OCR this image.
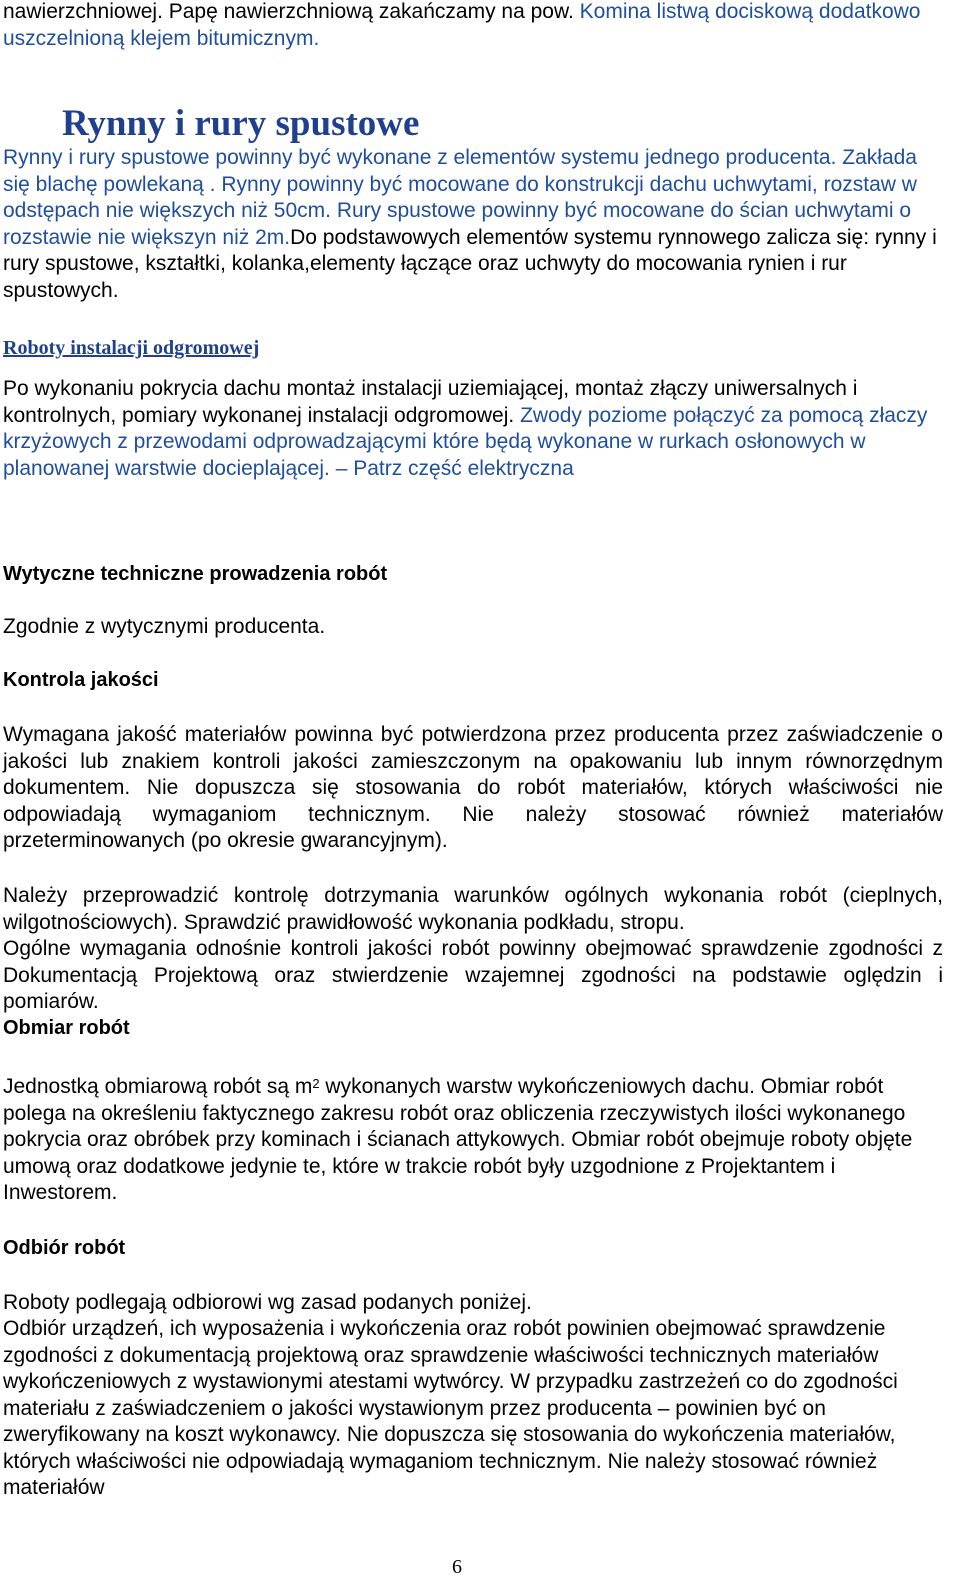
nawierzchniowej. Papę nawierzchniową zakańczamy na pow. Komina listwą dociskową dodatkowo uszczelnioną klejem bitumicznym.

Rynny i rury spustowe

Rynny i rury spustowe powinny być wykonane z elementów systemu jednego producenta. Zakłada się blachę powlekaną . Rynny powinny być mocowane do konstrukcji dachu uchwytami, rozstaw w odstępach nie większych niż 50cm. Rury spustowe powinny być mocowane do ścian uchwytami o rozstawie nie większyn niż 2m.Do podstawowych elementów systemu rynnowego zalicza się: rynny i rury spustowe, kształtki, kolanka,elementy łączące oraz uchwyty do mocowania rynien i rur spustowych.

Roboty instalacji odgromowej

Po wykonaniu pokrycia dachu montaż instalacji uziemiającej, montaż złączy uniwersalnych i kontrolnych, pomiary wykonanej instalacji odgromowej. Zwody poziome połączyć za pomocą złaczy krzyżowych z przewodami odprowadzającymi które będą wykonane w rurkach osłonowych w planowanej warstwie docieplającej. – Patrz część elektryczna

Wytyczne techniczne prowadzenia robót

Zgodnie z wytycznymi producenta.

Kontrola jakości

Wymagana jakość materiałów powinna być potwierdzona przez producenta przez zaświadczenie o jakości lub znakiem kontroli jakości zamieszczonym na opakowaniu lub innym równorzędnym dokumentem. Nie dopuszcza się stosowania do robót materiałów, których właściwości nie odpowiadają wymaganiom technicznym. Nie należy stosować również materiałów przeterminowanych (po okresie gwarancyjnym).

Należy przeprowadzić kontrolę dotrzymania warunków ogólnych wykonania robót (cieplnych, wilgotnościowych). Sprawdzić prawidłowość wykonania podkładu, stropu.

Ogólne wymagania odnośnie kontroli jakości robót powinny obejmować sprawdzenie zgodności z Dokumentacją Projektową oraz stwierdzenie wzajemnej zgodności na podstawie oględzin i pomiarów.

Obmiar robót

Jednostką obmiarową robót są $m^2$ wykonanych warstw wykończeniowych dachu. Obmiar robót polega na określeniu faktycznego zakresu robót oraz obliczenia rzeczywistych ilości wykonanego pokrycia oraz obróbek przy kominach i ścianach attykowych. Obmiar robót obejmuje roboty objęte umową oraz dodatkowe jedynie te, które w trakcie robót były uzgodnione z Projektantem i Inwestorem.

Odbiór robót

Roboty podlegają odbiorowi wg zasad podanych poniżej.

Odbiór urządzeń, ich wyposażenia i wykończenia oraz robót powinien obejmować sprawdzenie zgodności z dokumentacją projektową oraz sprawdzenie właściwości technicznych materiałów wykończeniowych z wystawionymi atestami wytwórcy. W przypadku zastrzeżeń co do zgodności materiału z zaświadczeniem o jakości wystawionym przez producenta – powinien być on zweryfikowany na koszt wykonawcy. Nie dopuszcza się stosowania do wykończenia materiałów, których właściwości nie odpowiadają wymaganiom technicznym. Nie należy stosować również materiałów

6
